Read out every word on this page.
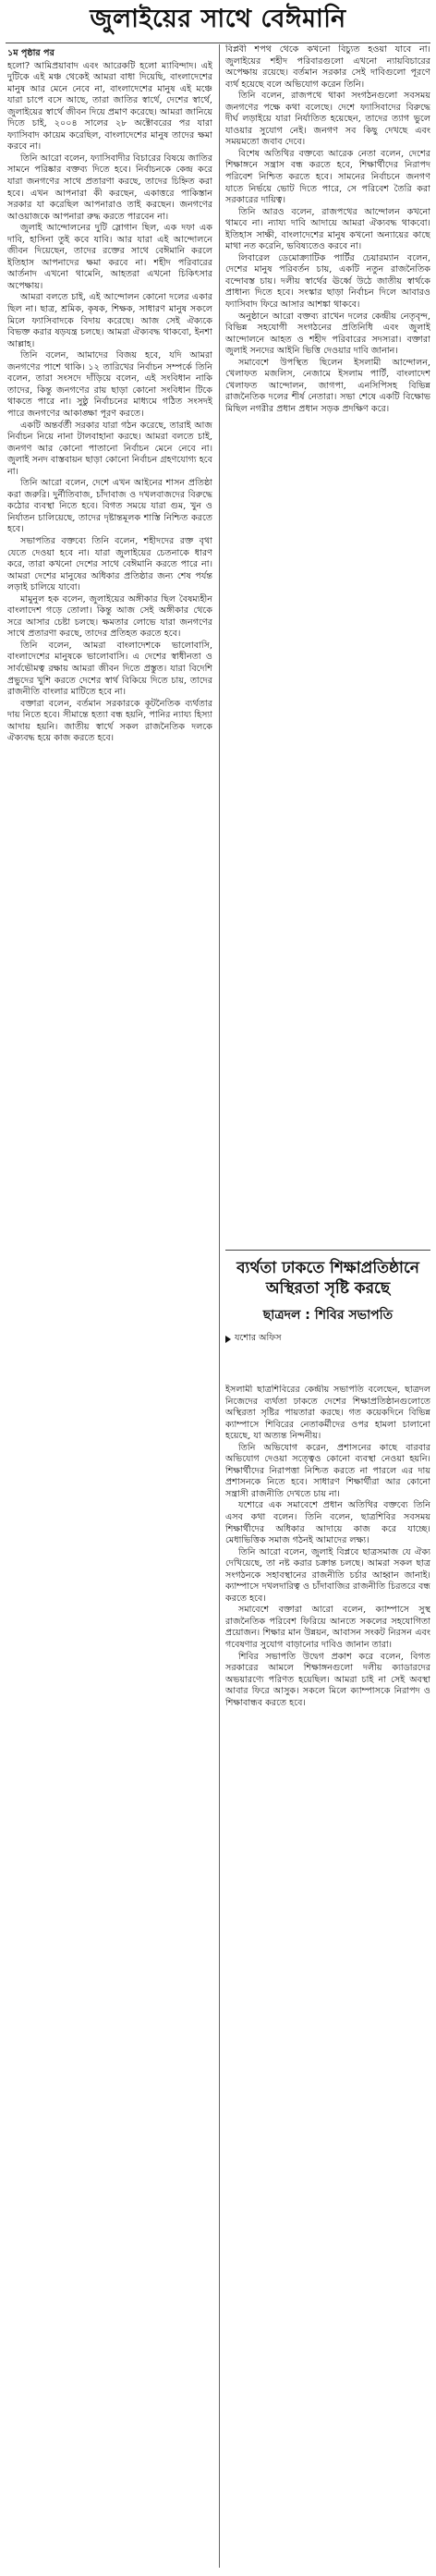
জুলাইয়ের সাথে বেঈমানি
১ম পৃষ্ঠার পর

হলো? আমিপ্রয়াবাদ এবং আরেকটি হলো ম্যাবিন্দাদ। এই দুটিকে এই মঞ্চ থেকেই আমরা বাধা দিয়েছি, বাংলাদেশের মানুষ আর মেনে নেবে না, বাংলাদেশের মানুষ এই মঞ্চে যারা চাপে বসে আছে, তারা জাতির স্বার্থে, দেশের স্বার্থে, জুলাইয়ের স্বার্থে জীবন দিয়ে প্রমাণ করেছে। আমরা জানিয়ে দিতে চাই, ২০০৪ সালের ২৮ অক্টোবরের পর যারা ফ্যাসিবাদ কায়েম করেছিল, বাংলাদেশের মানুষ তাদের ক্ষমা করবে না।

তিনি আরো বলেন, ফ্যাসিবাদীর বিচারের বিষয়ে জাতির সামনে পরিষ্কার বক্তব্য দিতে হবে। নির্বাচনকে কেন্দ্র করে যারা জনগণের সাথে প্রতারণা করছে, তাদের চিহ্নিত করা হবে। এখন আপনারা কী করছেন, একাত্তরে পাকিস্তান সরকার যা করেছিল আপনারাও তাই করছেন। জনগণের আওয়াজকে আপনারা রুদ্ধ করতে পারবেন না।

জুলাই আন্দোলনের দুটি স্লোগান ছিল, এক দফা এক দাবি, হাসিনা তুই কবে যাবি। আর যারা এই আন্দোলনে জীবন দিয়েছেন, তাদের রক্তের সাথে বেঈমানি করলে ইতিহাস আপনাদের ক্ষমা করবে না। শহীদ পরিবারের আর্তনাদ এখনো থামেনি, আহতরা এখনো চিকিৎসার অপেক্ষায়।

আমরা বলতে চাই, এই আন্দোলন কোনো দলের একার ছিল না। ছাত্র, শ্রমিক, কৃষক, শিক্ষক, সাধারণ মানুষ সকলে মিলে ফ্যাসিবাদকে বিদায় করেছে। আজ সেই ঐক্যকে বিভক্ত করার ষড়যন্ত্র চলছে। আমরা ঐক্যবদ্ধ থাকবো, ইনশা আল্লাহ।

তিনি বলেন, আমাদের বিজয় হবে, যদি আমরা জনগণের পাশে থাকি। ১২ তারিখের নির্বাচন সম্পর্কে তিনি বলেন, তারা সংসদে দাঁড়িয়ে বলেন, এই সংবিধান নাকি তাদের, কিন্তু জনগণের রায় ছাড়া কোনো সংবিধান টিকে থাকতে পারে না। সুষ্ঠু নির্বাচনের মাধ্যমে গঠিত সংসদই পারে জনগণের আকাঙ্ক্ষা পূরণ করতে।

একটি অন্তর্বর্তী সরকার যারা গঠন করেছে, তারাই আজ নির্বাচন নিয়ে নানা টালবাহানা করছে। আমরা বলতে চাই, জনগণ আর কোনো পাতানো নির্বাচন মেনে নেবে না। জুলাই সনদ বাস্তবায়ন ছাড়া কোনো নির্বাচন গ্রহণযোগ্য হবে না।

তিনি আরো বলেন, দেশে এখন আইনের শাসন প্রতিষ্ঠা করা জরুরি। দুর্নীতিবাজ, চাঁদাবাজ ও দখলবাজদের বিরুদ্ধে কঠোর ব্যবস্থা নিতে হবে। বিগত সময়ে যারা গুম, খুন ও নির্যাতন চালিয়েছে, তাদের দৃষ্টান্তমূলক শাস্তি নিশ্চিত করতে হবে।

সভাপতির বক্তব্যে তিনি বলেন, শহীদদের রক্ত বৃথা যেতে দেওয়া হবে না। যারা জুলাইয়ের চেতনাকে ধারণ করে, তারা কখনো দেশের সাথে বেঈমানি করতে পারে না। আমরা দেশের মানুষের অধিকার প্রতিষ্ঠার জন্য শেষ পর্যন্ত লড়াই চালিয়ে যাবো।

মামুনুল হক বলেন, জুলাইয়ের অঙ্গীকার ছিল বৈষম্যহীন বাংলাদেশ গড়ে তোলা। কিন্তু আজ সেই অঙ্গীকার থেকে সরে আসার চেষ্টা চলছে। ক্ষমতার লোভে যারা জনগণের সাথে প্রতারণা করছে, তাদের প্রতিহত করতে হবে।

তিনি বলেন, আমরা বাংলাদেশকে ভালোবাসি, বাংলাদেশের মানুষকে ভালোবাসি। এ দেশের স্বাধীনতা ও সার্বভৌমত্ব রক্ষায় আমরা জীবন দিতে প্রস্তুত। যারা বিদেশি প্রভুদের খুশি করতে দেশের স্বার্থ বিকিয়ে দিতে চায়, তাদের রাজনীতি বাংলার মাটিতে হবে না।

বক্তারা বলেন, বর্তমান সরকারকে কূটনৈতিক ব্যর্থতার দায় নিতে হবে। সীমান্তে হত্যা বন্ধ হয়নি, পানির ন্যায্য হিস্যা আদায় হয়নি। জাতীয় স্বার্থে সকল রাজনৈতিক দলকে ঐক্যবদ্ধ হয়ে কাজ করতে হবে।

বিপ্লবী শপথ থেকে কখনো বিচ্যুত হওয়া যাবে না। জুলাইয়ের শহীদ পরিবারগুলো এখনো ন্যায়বিচারের অপেক্ষায় রয়েছে। বর্তমান সরকার সেই দাবিগুলো পূরণে ব্যর্থ হয়েছে বলে অভিযোগ করেন তিনি।

তিনি বলেন, রাজপথে থাকা সংগঠনগুলো সবসময় জনগণের পক্ষে কথা বলেছে। দেশে ফ্যাসিবাদের বিরুদ্ধে দীর্ঘ লড়াইয়ে যারা নির্যাতিত হয়েছেন, তাদের ত্যাগ ভুলে যাওয়ার সুযোগ নেই। জনগণ সব কিছু দেখছে এবং সময়মতো জবাব দেবে।

বিশেষ অতিথির বক্তব্যে আরেক নেতা বলেন, দেশের শিক্ষাঙ্গনে সন্ত্রাস বন্ধ করতে হবে, শিক্ষার্থীদের নিরাপদ পরিবেশ নিশ্চিত করতে হবে। সামনের নির্বাচনে জনগণ যাতে নির্ভয়ে ভোট দিতে পারে, সে পরিবেশ তৈরি করা সরকারের দায়িত্ব।

তিনি আরও বলেন, রাজপথের আন্দোলন কখনো থামবে না। ন্যায্য দাবি আদায়ে আমরা ঐক্যবদ্ধ থাকবো। ইতিহাস সাক্ষী, বাংলাদেশের মানুষ কখনো অন্যায়ের কাছে মাথা নত করেনি, ভবিষ্যতেও করবে না।

লিবারেল ডেমোক্র্যাটিক পার্টির চেয়ারম্যান বলেন, দেশের মানুষ পরিবর্তন চায়, একটি নতুন রাজনৈতিক বন্দোবস্ত চায়। দলীয় স্বার্থের ঊর্ধ্বে উঠে জাতীয় স্বার্থকে প্রাধান্য দিতে হবে। সংস্কার ছাড়া নির্বাচন দিলে আবারও ফ্যাসিবাদ ফিরে আসার আশঙ্কা থাকবে।

অনুষ্ঠানে আরো বক্তব্য রাখেন দলের কেন্দ্রীয় নেতৃবৃন্দ, বিভিন্ন সহযোগী সংগঠনের প্রতিনিধি এবং জুলাই আন্দোলনে আহত ও শহীদ পরিবারের সদস্যরা। বক্তারা জুলাই সনদের আইনি ভিত্তি দেওয়ার দাবি জানান।

সমাবেশে উপস্থিত ছিলেন ইসলামী আন্দোলন, খেলাফত মজলিস, নেজামে ইসলাম পার্টি, বাংলাদেশ খেলাফত আন্দোলন, জাগপা, এনসিপিসহ বিভিন্ন রাজনৈতিক দলের শীর্ষ নেতারা। সভা শেষে একটি বিক্ষোভ মিছিল নগরীর প্রধান প্রধান সড়ক প্রদক্ষিণ করে।

ব্যর্থতা ঢাকতে শিক্ষাপ্রতিষ্ঠানে অস্থিরতা সৃষ্টি করছে
ছাত্রদল : শিবির সভাপতি
যশোর অফিস

ইসলামী ছাত্রশিবিরের কেন্দ্রীয় সভাপতি বলেছেন, ছাত্রদল নিজেদের ব্যর্থতা ঢাকতে দেশের শিক্ষাপ্রতিষ্ঠানগুলোতে অস্থিরতা সৃষ্টির পায়তারা করছে। গত কয়েকদিনে বিভিন্ন ক্যাম্পাসে শিবিরের নেতাকর্মীদের ওপর হামলা চালানো হয়েছে, যা অত্যন্ত নিন্দনীয়।

তিনি অভিযোগ করেন, প্রশাসনের কাছে বারবার অভিযোগ দেওয়া সত্ত্বেও কোনো ব্যবস্থা নেওয়া হয়নি। শিক্ষার্থীদের নিরাপত্তা নিশ্চিত করতে না পারলে এর দায় প্রশাসনকে নিতে হবে। সাধারণ শিক্ষার্থীরা আর কোনো সন্ত্রাসী রাজনীতি দেখতে চায় না।

যশোরে এক সমাবেশে প্রধান অতিথির বক্তব্যে তিনি এসব কথা বলেন। তিনি বলেন, ছাত্রশিবির সবসময় শিক্ষার্থীদের অধিকার আদায়ে কাজ করে যাচ্ছে। মেধাভিত্তিক সমাজ গঠনই আমাদের লক্ষ্য।

তিনি আরো বলেন, জুলাই বিপ্লবে ছাত্রসমাজ যে ঐক্য দেখিয়েছে, তা নষ্ট করার চক্রান্ত চলছে। আমরা সকল ছাত্র সংগঠনকে সহাবস্থানের রাজনীতি চর্চার আহ্বান জানাই। ক্যাম্পাসে দখলদারিত্ব ও চাঁদাবাজির রাজনীতি চিরতরে বন্ধ করতে হবে।

সমাবেশে বক্তারা আরো বলেন, ক্যাম্পাসে সুস্থ রাজনৈতিক পরিবেশ ফিরিয়ে আনতে সকলের সহযোগিতা প্রয়োজন। শিক্ষার মান উন্নয়ন, আবাসন সংকট নিরসন এবং গবেষণার সুযোগ বাড়ানোর দাবিও জানান তারা।

শিবির সভাপতি উদ্বেগ প্রকাশ করে বলেন, বিগত সরকারের আমলে শিক্ষাঙ্গনগুলো দলীয় ক্যাডারদের অভয়ারণ্যে পরিণত হয়েছিল। আমরা চাই না সেই অবস্থা আবার ফিরে আসুক। সকলে মিলে ক্যাম্পাসকে নিরাপদ ও শিক্ষাবান্ধব করতে হবে।
